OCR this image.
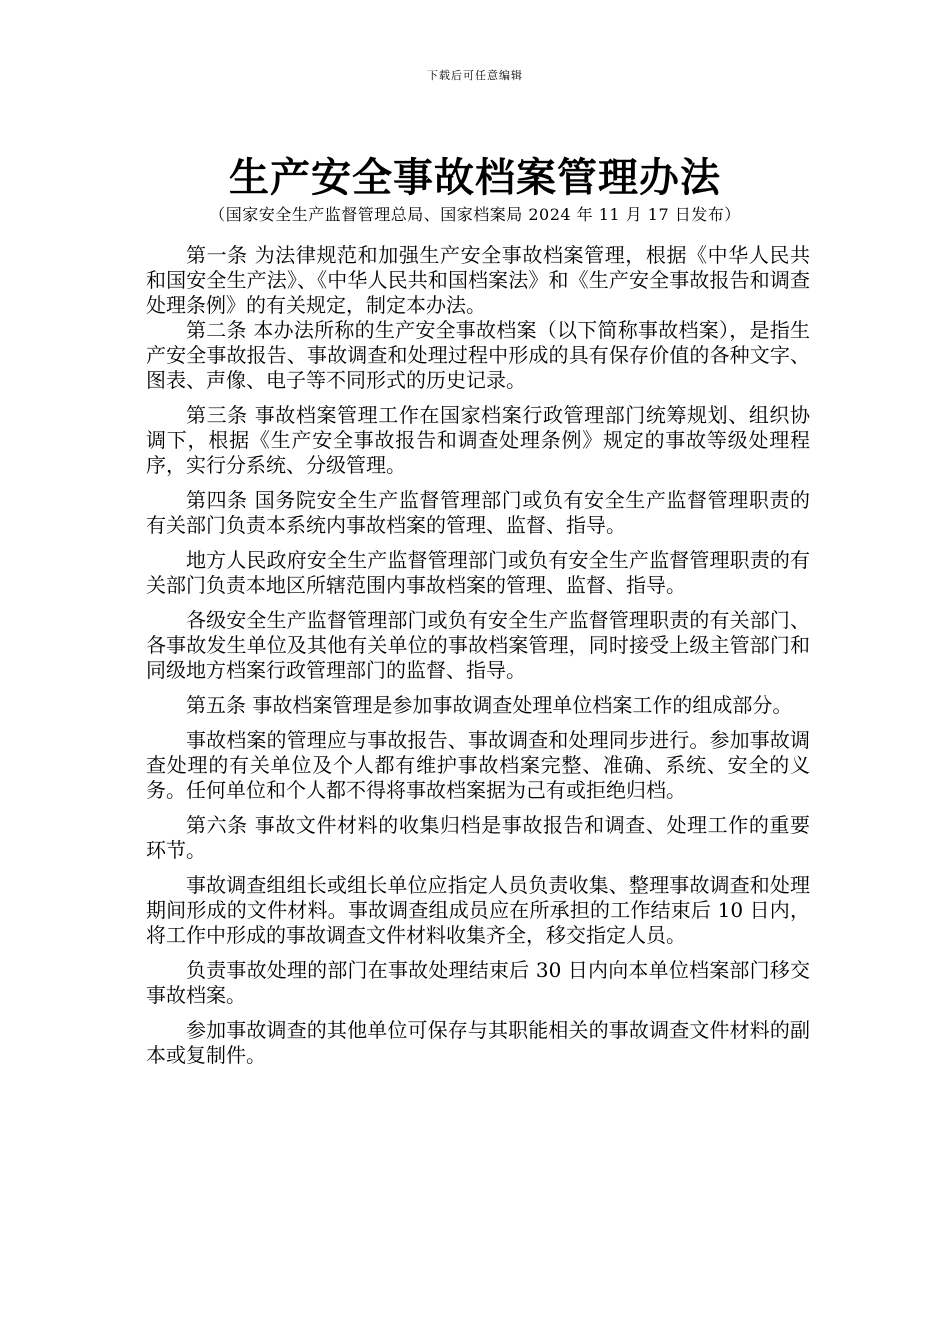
下载后可任意编辑
生产安全事故档案管理办法
（国家安全生产监督管理总局、国家档案局 2024 年 11 月 17 日发布）

第一条 为法律规范和加强生产安全事故档案管理，根据《中华人民共和国安全生产法》、《中华人民共和国档案法》和《生产安全事故报告和调查处理条例》的有关规定，制定本办法。

第二条 本办法所称的生产安全事故档案（以下简称事故档案），是指生产安全事故报告、事故调查和处理过程中形成的具有保存价值的各种文字、图表、声像、电子等不同形式的历史记录。

第三条 事故档案管理工作在国家档案行政管理部门统筹规划、组织协调下，根据《生产安全事故报告和调查处理条例》规定的事故等级处理程序，实行分系统、分级管理。

第四条 国务院安全生产监督管理部门或负有安全生产监督管理职责的有关部门负责本系统内事故档案的管理、监督、指导。

地方人民政府安全生产监督管理部门或负有安全生产监督管理职责的有关部门负责本地区所辖范围内事故档案的管理、监督、指导。

各级安全生产监督管理部门或负有安全生产监督管理职责的有关部门、各事故发生单位及其他有关单位的事故档案管理，同时接受上级主管部门和同级地方档案行政管理部门的监督、指导。

第五条 事故档案管理是参加事故调查处理单位档案工作的组成部分。

事故档案的管理应与事故报告、事故调查和处理同步进行。参加事故调查处理的有关单位及个人都有维护事故档案完整、准确、系统、安全的义务。任何单位和个人都不得将事故档案据为己有或拒绝归档。

第六条 事故文件材料的收集归档是事故报告和调查、处理工作的重要环节。

事故调查组组长或组长单位应指定人员负责收集、整理事故调查和处理期间形成的文件材料。事故调查组成员应在所承担的工作结束后 10 日内，将工作中形成的事故调查文件材料收集齐全，移交指定人员。

负责事故处理的部门在事故处理结束后 30 日内向本单位档案部门移交事故档案。

参加事故调查的其他单位可保存与其职能相关的事故调查文件材料的副本或复制件。
